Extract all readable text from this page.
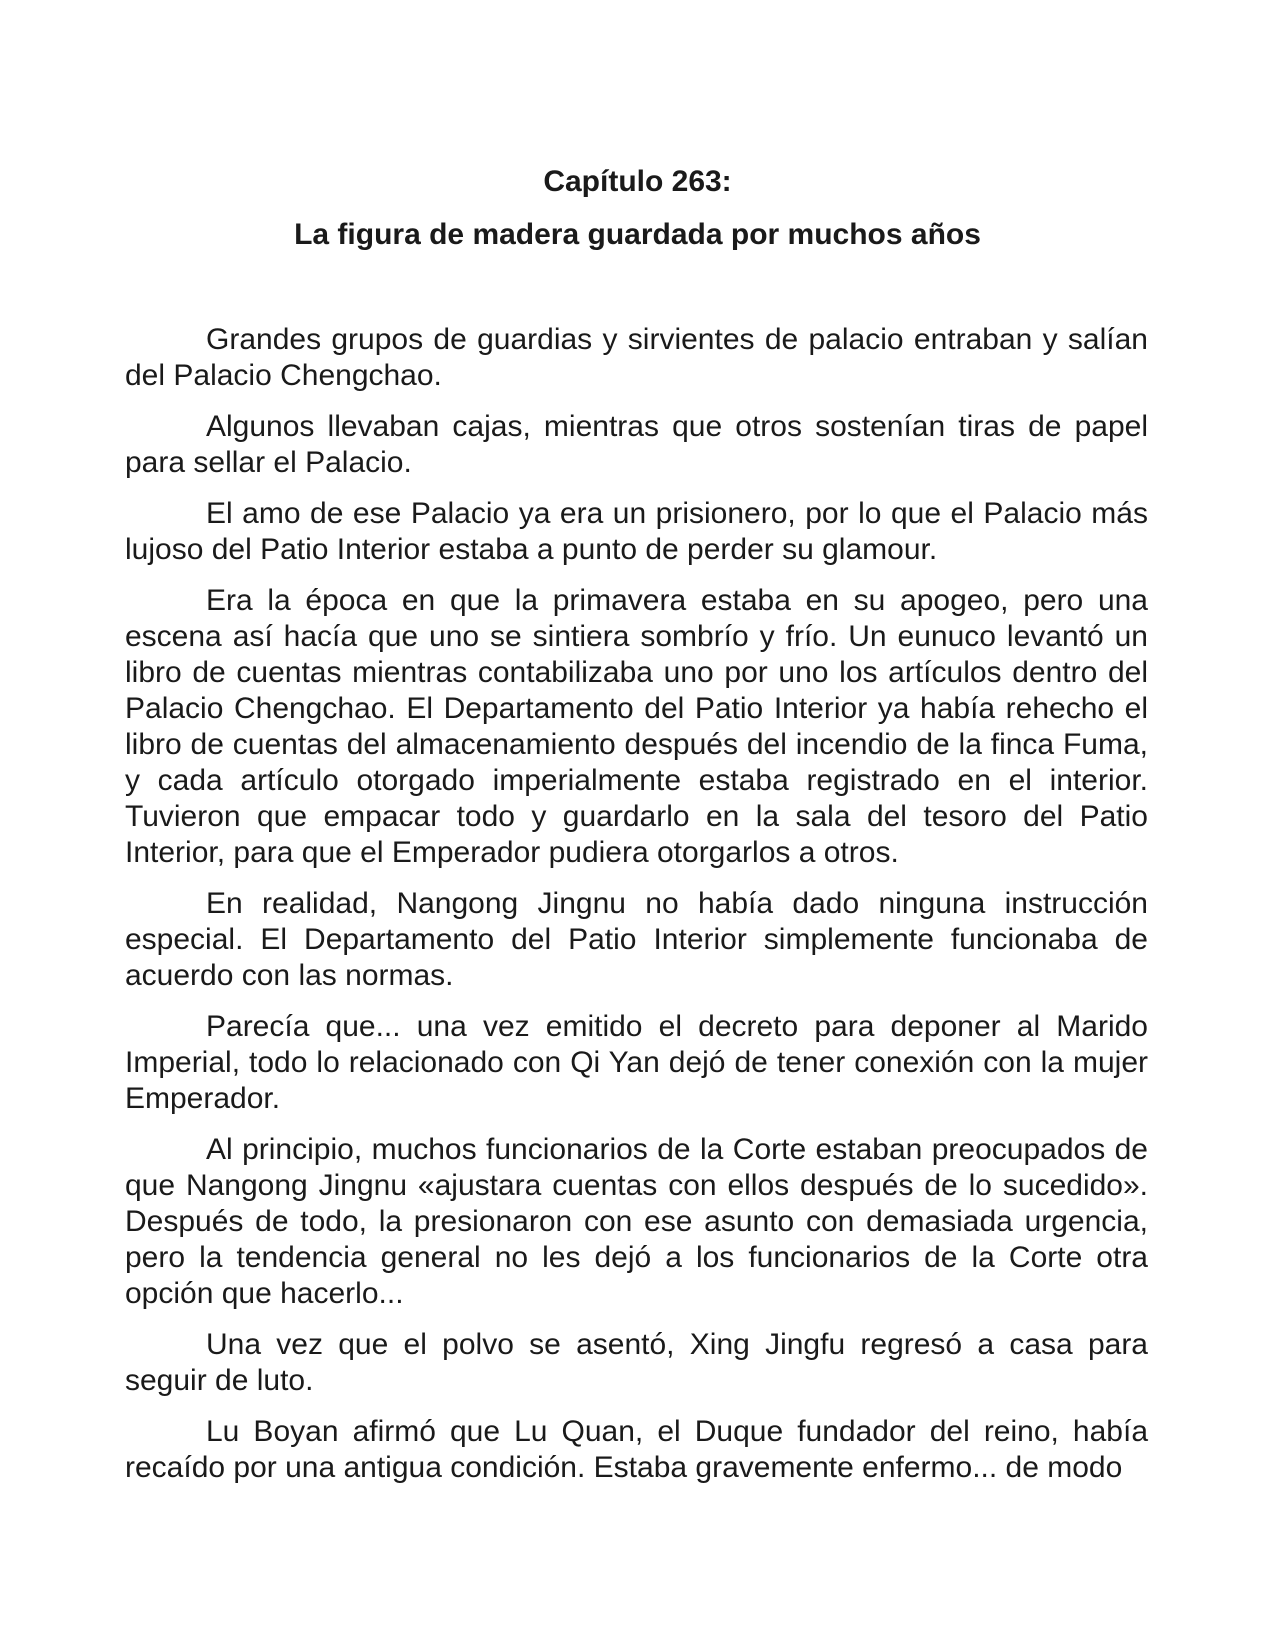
Capítulo 263:
La figura de madera guardada por muchos años

Grandes grupos de guardias y sirvientes de palacio entraban y salían del Palacio Chengchao.

Algunos llevaban cajas, mientras que otros sostenían tiras de papel para sellar el Palacio.

El amo de ese Palacio ya era un prisionero, por lo que el Palacio más lujoso del Patio Interior estaba a punto de perder su glamour.

Era la época en que la primavera estaba en su apogeo, pero una escena así hacía que uno se sintiera sombrío y frío. Un eunuco levantó un libro de cuentas mientras contabilizaba uno por uno los artículos dentro del Palacio Chengchao. El Departamento del Patio Interior ya había rehecho el libro de cuentas del almacenamiento después del incendio de la finca Fuma, y cada artículo otorgado imperialmente estaba registrado en el interior. Tuvieron que empacar todo y guardarlo en la sala del tesoro del Patio Interior, para que el Emperador pudiera otorgarlos a otros.

En realidad, Nangong Jingnu no había dado ninguna instrucción especial. El Departamento del Patio Interior simplemente funcionaba de acuerdo con las normas.

Parecía que... una vez emitido el decreto para deponer al Marido Imperial, todo lo relacionado con Qi Yan dejó de tener conexión con la mujer Emperador.

Al principio, muchos funcionarios de la Corte estaban preocupados de que Nangong Jingnu «ajustara cuentas con ellos después de lo sucedido». Después de todo, la presionaron con ese asunto con demasiada urgencia, pero la tendencia general no les dejó a los funcionarios de la Corte otra opción que hacerlo...

Una vez que el polvo se asentó, Xing Jingfu regresó a casa para seguir de luto.

Lu Boyan afirmó que Lu Quan, el Duque fundador del reino, había recaído por una antigua condición. Estaba gravemente enfermo... de modo
